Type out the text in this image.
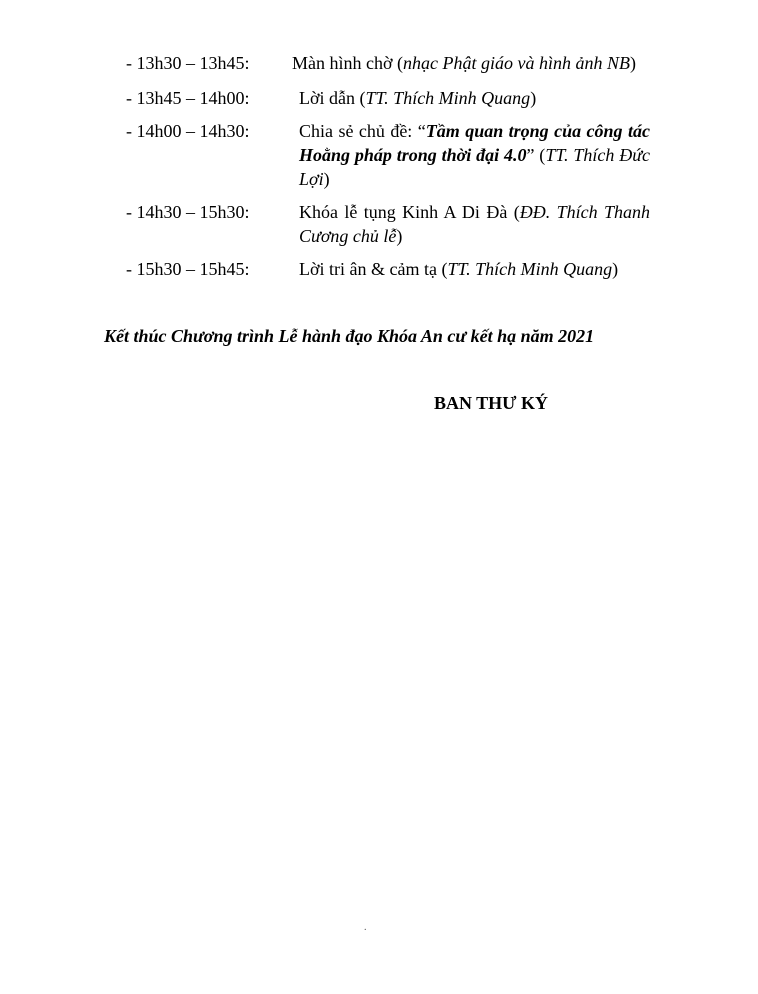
- 13h30 – 13h45: Màn hình chờ (nhạc Phật giáo và hình ảnh NB)
- 13h45 – 14h00:	Lời dẫn (TT. Thích Minh Quang)
- 14h00 – 14h30:	Chia sẻ chủ đề: “Tầm quan trọng của công tác Hoằng pháp trong thời đại 4.0” (TT. Thích Đức Lợi)
- 14h30 – 15h30:	Khóa lễ tụng Kinh A Di Đà (ĐĐ. Thích Thanh Cương chủ lễ)
- 15h30 – 15h45:	Lời tri ân & cảm tạ (TT. Thích Minh Quang)
Kết thúc Chương trình Lễ hành đạo Khóa An cư kết hạ năm 2021
BAN THƯ KÝ
.
